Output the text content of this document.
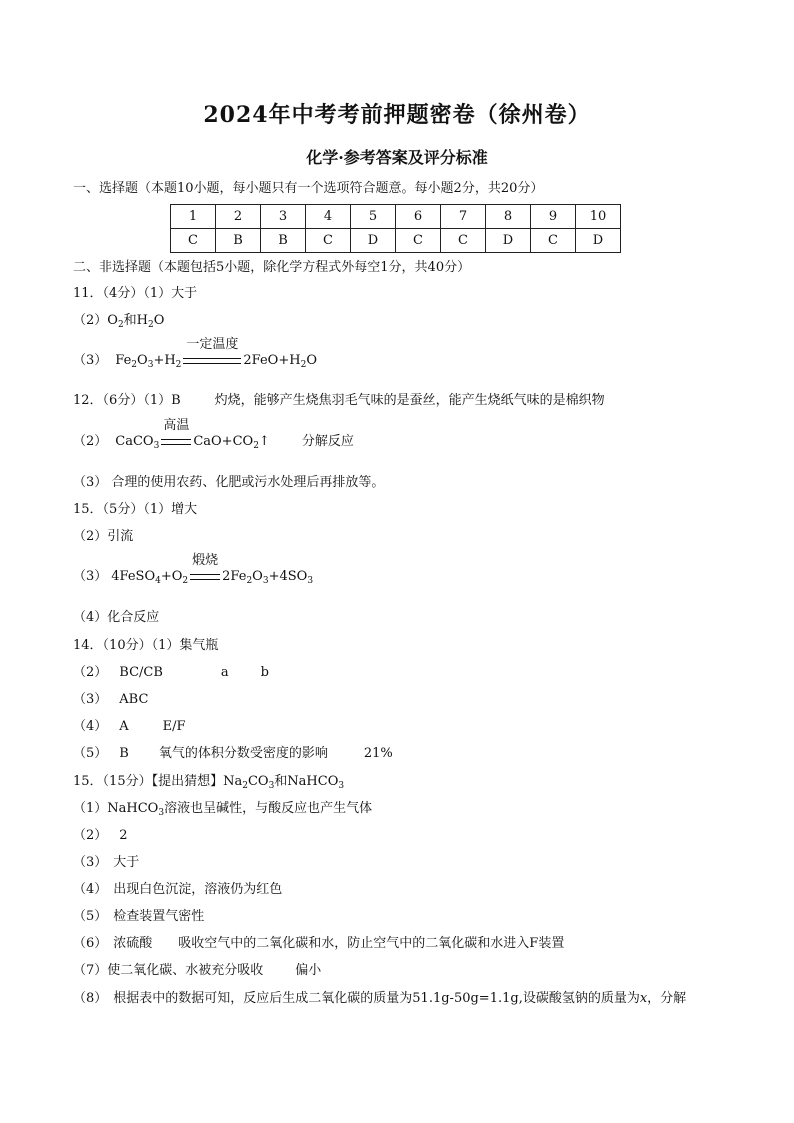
2024年中考考前押题密卷（徐州卷）
化学·参考答案及评分标准
一、选择题（本题10小题，每小题只有一个选项符合题意。每小题2分，共20分）
1	2	3	4	5	6	7	8	9	10
C	B	B	C	D	C	C	D	C	D
二、非选择题（本题包括5小题，除化学方程式外每空1分，共40分）
11．（4分）（1）大于
$(2)O_2$和$H_2O$
（3） $Fe_2O_3+H_2$
一定温度
$2FeO+H_2O$
12．（6分）（1）B	灼烧，能够产生烧焦羽毛气味的是蚕丝，能产生烧纸气味的是棉织物
（2） CaCO$_3$
高温
$CaO+CO_2↑$ 分解反应
（3） 合理的使用农药、化肥或污水处理后再排放等。
15．（5分）（1）增大
（2）引流
（3） $4FeSO_4+O_2$
煅烧
$2Fe_2O_3+4SO_3$
（4）化合反应
14．（10分）（1）集气瓶
（2） BC/CB	a b
（3） ABC
（4） A	E/F
（5） B 氧气的体积分数受密度的影响	21%
15．（15分）【提出猜想】$Na_2CO_3$和NaHCO$_3$
（1）NaHCO$_3$溶液也呈碱性，与酸反应也产生气体
（2） 2
（3） 大于
（4） 出现白色沉淀，溶液仍为红色
（5） 检查装置气密性
（6） 浓硫酸 吸收空气中的二氧化碳和水，防止空气中的二氧化碳和水进入F装置
（7）使二氧化碳、水被充分吸收 偏小
（8） 根据表中的数据可知，反应后生成二氧化碳的质量为51.1g-50g=1.1g,设碳酸氢钠的质量为x，分解
